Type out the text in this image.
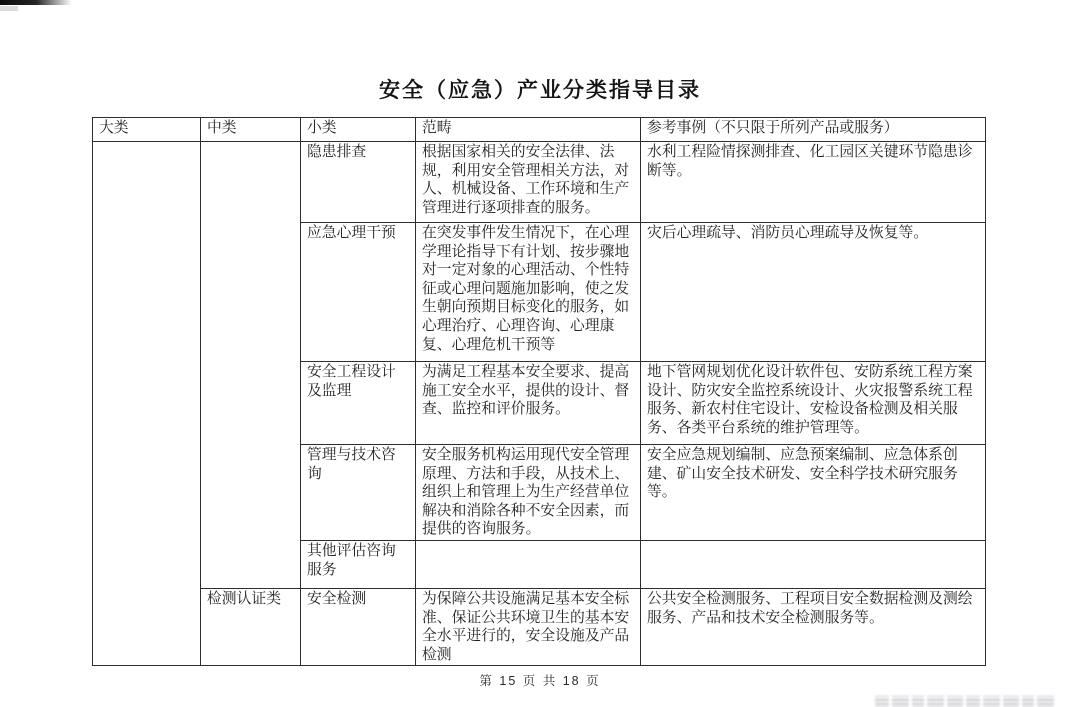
安全（应急）产业分类指导目录
大类	中类	小类	范畴	参考事例（不只限于所列产品或服务）
		隐患排查	根据国家相关的安全法律、法规，利用安全管理相关方法，对人、机械设备、工作环境和生产管理进行逐项排查的服务。	水利工程险情探测排查、化工园区关键环节隐患诊断等。
		应急心理干预	在突发事件发生情况下，在心理学理论指导下有计划、按步骤地对一定对象的心理活动、个性特征或心理问题施加影响，使之发生朝向预期目标变化的服务，如心理治疗、心理咨询、心理康复、心理危机干预等	灾后心理疏导、消防员心理疏导及恢复等。
		安全工程设计及监理	为满足工程基本安全要求、提高施工安全水平，提供的设计、督查、监控和评价服务。	地下管网规划优化设计软件包、安防系统工程方案设计、防灾安全监控系统设计、火灾报警系统工程服务、新农村住宅设计、安检设备检测及相关服务、各类平台系统的维护管理等。
		管理与技术咨询	安全服务机构运用现代安全管理原理、方法和手段，从技术上、组织上和管理上为生产经营单位解决和消除各种不安全因素，而提供的咨询服务。	安全应急规划编制、应急预案编制、应急体系创建、矿山安全技术研发、安全科学技术研究服务等。
		其他评估咨询服务		
	检测认证类	安全检测	为保障公共设施满足基本安全标准、保证公共环境卫生的基本安全水平进行的，安全设施及产品检测	公共安全检测服务、工程项目安全数据检测及测绘服务、产品和技术安全检测服务等。
第 15 页 共 18 页
